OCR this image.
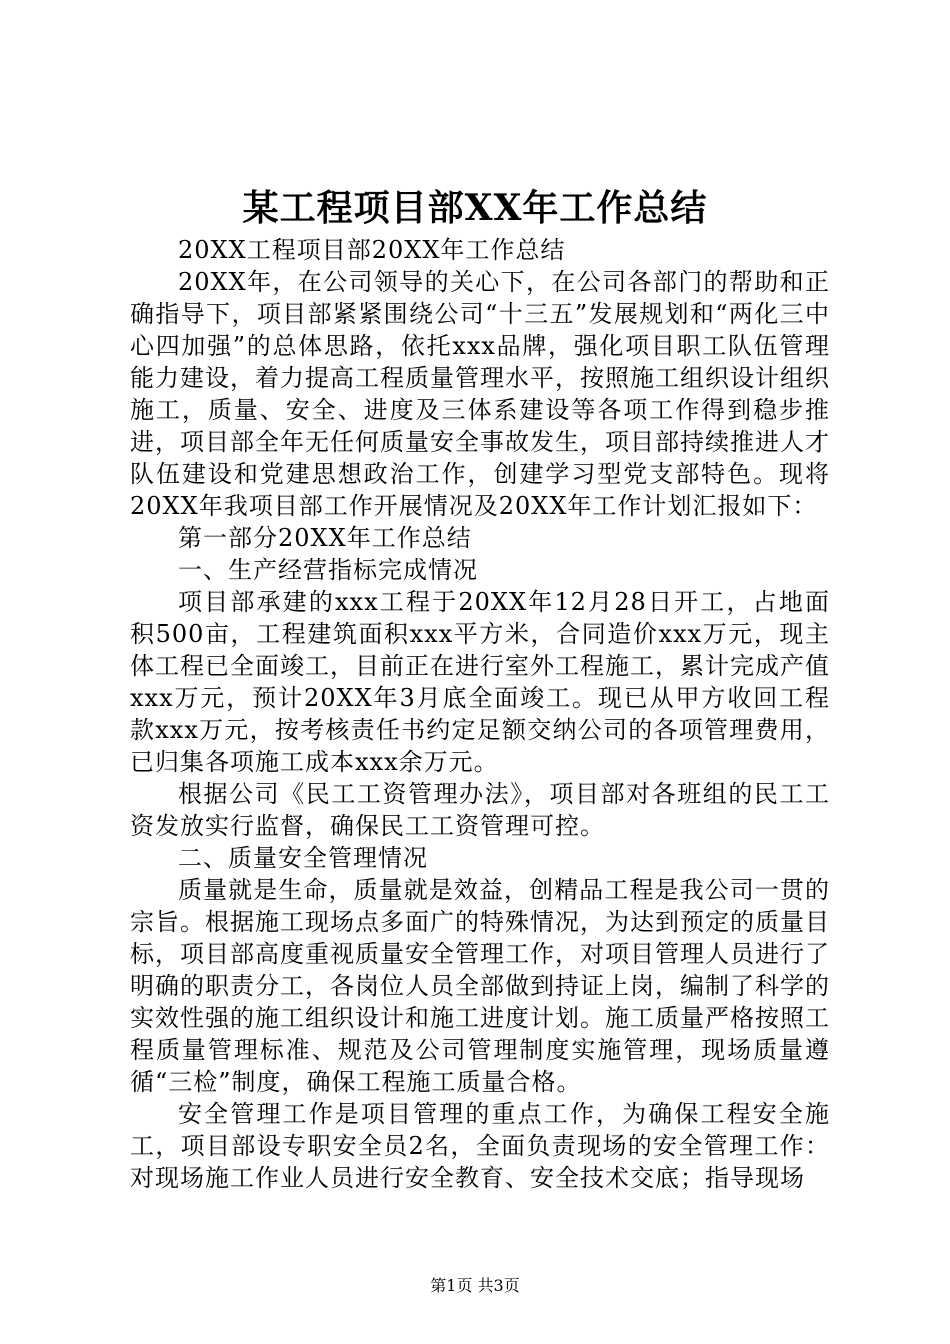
某工程项目部XX年工作总结

20XX工程项目部20XX年工作总结

20XX年，在公司领导的关心下，在公司各部门的帮助和正确指导下，项目部紧紧围绕公司“十三五”发展规划和“两化三中心四加强”的总体思路，依托xxx品牌，强化项目职工队伍管理能力建设，着力提高工程质量管理水平，按照施工组织设计组织施工，质量、安全、进度及三体系建设等各项工作得到稳步推进，项目部全年无任何质量安全事故发生，项目部持续推进人才队伍建设和党建思想政治工作，创建学习型党支部特色。现将20XX年我项目部工作开展情况及20XX年工作计划汇报如下：

第一部分20XX年工作总结

一、生产经营指标完成情况

项目部承建的xxx工程于20XX年12月28日开工，占地面积500亩，工程建筑面积xxx平方米，合同造价xxx万元，现主体工程已全面竣工，目前正在进行室外工程施工，累计完成产值xxx万元，预计20XX年3月底全面竣工。现已从甲方收回工程款xxx万元，按考核责任书约定足额交纳公司的各项管理费用，已归集各项施工成本xxx余万元。

根据公司《民工工资管理办法》，项目部对各班组的民工工资发放实行监督，确保民工工资管理可控。

二、质量安全管理情况

质量就是生命，质量就是效益，创精品工程是我公司一贯的宗旨。根据施工现场点多面广的特殊情况，为达到预定的质量目标，项目部高度重视质量安全管理工作，对项目管理人员进行了明确的职责分工，各岗位人员全部做到持证上岗，编制了科学的实效性强的施工组织设计和施工进度计划。施工质量严格按照工程质量管理标准、规范及公司管理制度实施管理，现场质量遵循“三检”制度，确保工程施工质量合格。

安全管理工作是项目管理的重点工作，为确保工程安全施工，项目部设专职安全员2名，全面负责现场的安全管理工作：对现场施工作业人员进行安全教育、安全技术交底；指导现场

第1页 共3页
